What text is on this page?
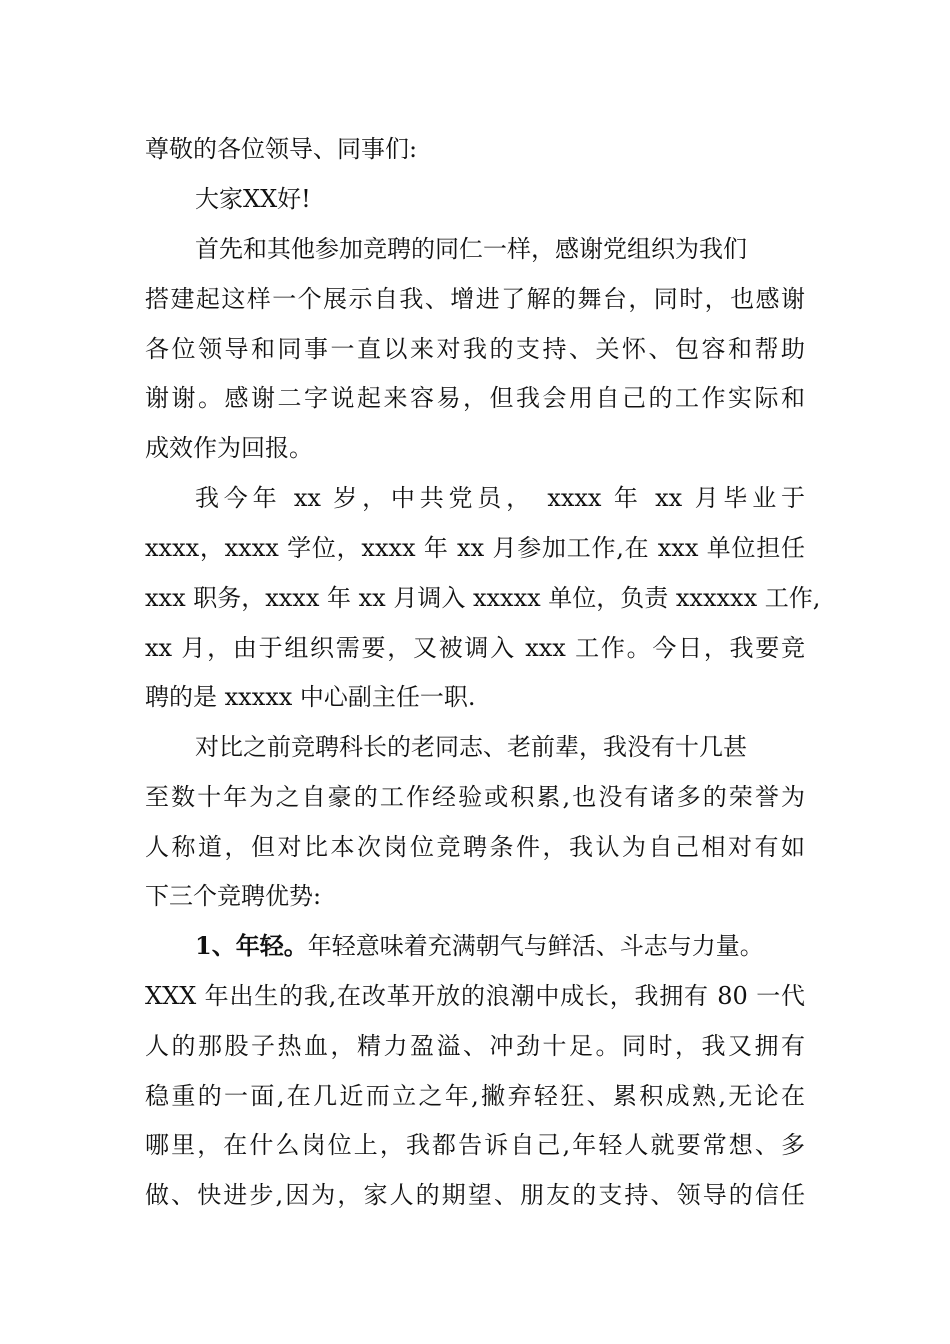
尊敬的各位领导、同事们:
大家XX好!
首先和其他参加竞聘的同仁一样，感谢党组织为我们
搭建起这样一个展示自我、增进了解的舞台，同时，也感谢
各位领导和同事一直以来对我的支持、关怀、包容和帮助
谢谢。感谢二字说起来容易，但我会用自己的工作实际和
成效作为回报。
我今年 xx 岁，中共党员， xxxx 年 xx 月毕业于
xxxx，xxxx 学位，xxxx 年 xx 月参加工作,在 xxx 单位担任
xxx 职务，xxxx 年 xx 月调入 xxxxx 单位，负责 xxxxxx 工作,
xx 月，由于组织需要，又被调入 xxx 工作。今日，我要竞
聘的是 xxxxx 中心副主任一职.
对比之前竞聘科长的老同志、老前辈，我没有十几甚
至数十年为之自豪的工作经验或积累,也没有诸多的荣誉为
人称道，但对比本次岗位竞聘条件，我认为自己相对有如
下三个竞聘优势:
1、年轻。年轻意味着充满朝气与鲜活、斗志与力量。
XXX 年出生的我,在改革开放的浪潮中成长，我拥有 80 一代
人的那股子热血，精力盈溢、冲劲十足。同时，我又拥有
稳重的一面,在几近而立之年,撇弃轻狂、累积成熟,无论在
哪里，在什么岗位上，我都告诉自己,年轻人就要常想、多
做、快进步,因为，家人的期望、朋友的支持、领导的信任
